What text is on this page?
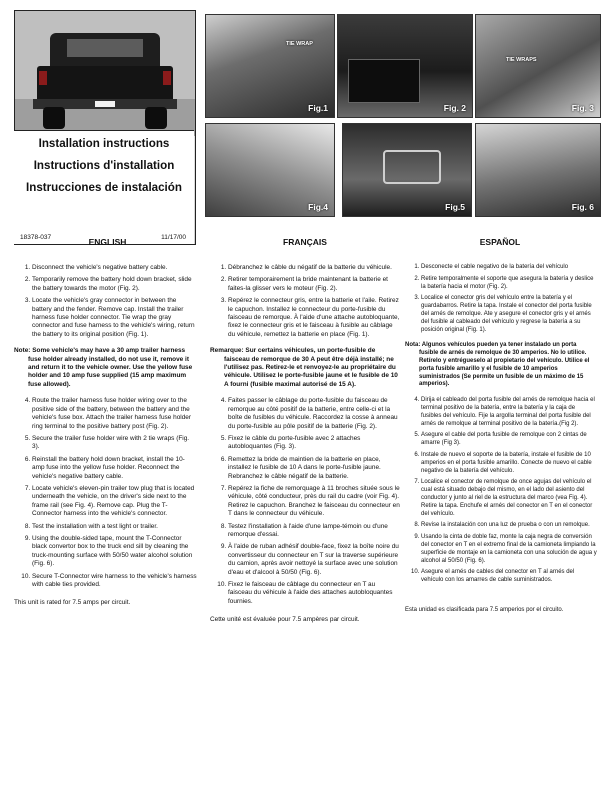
Installation instructions

Instructions d'installation

Instrucciones de instalación

18378-037	11/17/00
TIE WRAP
Fig.1	Fig. 2
TIE WRAPS
Fig. 3
Fig.4	Fig.5	Fig. 6
ENGLISH	FRANÇAIS	ESPAÑOL
1. Disconnect the vehicle's negative battery cable.
2. Temporarily remove the battery hold down bracket, slide the battery towards the motor (Fig. 2).
3. Locate the vehicle's gray connector in between the battery and the fender. Remove cap. Install the trailer harness fuse holder connector. Tie wrap the gray connector and fuse harness to the vehicle's wiring, return the battery to its original position (Fig. 1).
Note: Some vehicle's may have a 30 amp trailer harness fuse holder already installed, do not use it, remove it and return it to the vehicle owner. Use the yellow fuse holder and 10 amp fuse supplied (15 amp maximum fuse allowed).
4. Route the trailer harness fuse holder wiring over to the positive side of the battery, between the battery and the vehicle's fuse box. Attach the trailer harness fuse holder ring terminal to the positive battery post (Fig. 2).
5. Secure the trailer fuse holder wire with 2 tie wraps (Fig. 3).
6. Reinstall the battery hold down bracket, install the 10-amp fuse into the yellow fuse holder. Reconnect the vehicle's negative battery cable.
7. Locate vehicle's eleven-pin trailer tow plug that is located underneath the vehicle, on the driver's side next to the frame rail (see Fig. 4). Remove cap. Plug the T-Connector harness into the vehicle's connector.
8. Test the installation with a test light or trailer.
9. Using the double-sided tape, mount the T-Connector black convertor box to the truck end sill by cleaning the truck-mounting surface with 50/50 water alcohol solution (Fig. 6).
10. Secure T-Connector wire harness to the vehicle's harness with cable ties provided.
This unit is rated for 7.5 amps per circuit.
1. Débranchez le câble du négatif de la batterie du véhicule.
2. Retirer temporairement la bride maintenant la batterie et faites-la glisser vers le moteur (Fig. 2).
3. Repérez le connecteur gris, entre la batterie et l'aile. Retirez le capuchon. Installez le connecteur du porte-fusible du faisceau de remorque. À l'aide d'une attache autobloquante, fixez le connecteur gris et le faisceau à fusible au câblage du véhicule, remettez la batterie en place (Fig. 1).
Remarque: Sur certains véhicules, un porte-fusible de faisceau de remorque de 30 A peut être déjà installé; ne l'utilisez pas. Retirez-le et renvoyez-le au propriétaire du véhicule. Utilisez le porte-fusible jaune et le fusible de 10 A fourni (fusible maximal autorisé de 15 A).
4. Faites passer le câblage du porte-fusible du faisceau de remorque au côté positif de la batterie, entre celle-ci et la boîte de fusibles du véhicule. Raccordez la cosse à anneau du porte-fusible au pôle positif de la batterie (Fig. 2).
5. Fixez le câble du porte-fusible avec 2 attaches autobloquantes (Fig. 3).
6. Remettez la bride de maintien de la batterie en place, installez le fusible de 10 A dans le porte-fusible jaune. Rebranchez le câble négatif de la batterie.
7. Repérez la fiche de remorquage à 11 broches située sous le véhicule, côté conducteur, près du rail du cadre (voir Fig. 4). Retirez le capuchon. Branchez le faisceau du connecteur en T dans le connecteur du véhicule.
8. Testez l'installation à l'aide d'une lampe-témoin ou d'une remorque d'essai.
9. À l'aide de ruban adhésif double-face, fixez la boîte noire du convertisseur du connecteur en T sur la traverse supérieure du camion, après avoir nettoyé la surface avec une solution d'eau et d'alcool à 50/50 (Fig. 6).
10. Fixez le faisceau de câblage du connecteur en T au faisceau du véhicule à l'aide des attaches autobloquantes fournies.
Cette unité est évaluée pour 7.5 ampères par circuit.
1. Desconecte el cable negativo de la batería del vehículo
2. Retire temporalmente el soporte que asegura la batería y deslice la batería hacia el motor (Fig. 2).
3. Localice el conector gris del vehículo entre la batería y el guardabarros. Retire la tapa. Instale el conector del porta fusible del arnés de remolque. Ate y asegure el conector gris y el arnés del fusible al cableado del vehículo y regrese la batería a su posición original (Fig. 1).
Nota: Algunos vehículos pueden ya tener instalado un porta fusible de arnés de remolque de 30 amperios. No lo utilice. Retírelo y entrégueselo al propietario del vehículo. Utilice el porta fusible amarillo y el fusible de 10 amperios suministrados (Se permite un fusible de un máximo de 15 amperios).
4. Dirija el cableado del porta fusible del arnés de remolque hacia el terminal positivo de la batería, entre la batería y la caja de fusibles del vehículo. Fije la argolla terminal del porta fusible del arnés de remolque al terminal positivo de la batería.(Fig 2).
5. Asegure el cable del porta fusible de remolque con 2 cintas de amarre (Fig 3).
6. Instale de nuevo el soporte de la batería, instale el fusible de 10 amperios en el porta fusible amarillo. Conecte de nuevo el cable negativo de la batería del vehículo.
7. Localice el conector de remolque de once agujas del vehículo el cual está situado debajo del mismo, en el lado del asiento del conductor y junto al riel de la estructura del marco (vea Fig. 4). Retire la tapa. Enchufe el arnés del conector en T en el conector del vehículo.
8. Revise la instalación con una luz de prueba o con un remolque.
9. Usando la cinta de doble faz, monte la caja negra de conversión del conector en T en el extremo final de la camioneta limpiando la superficie de montaje en la camioneta con una solución de agua y alcohol al 50/50 (Fig. 6).
10. Asegure el arnés de cables del conector en T al arnés del vehículo con los amarres de cable suministrados.
Esta unidad es clasificada para 7.5 amperios por el circuito.
